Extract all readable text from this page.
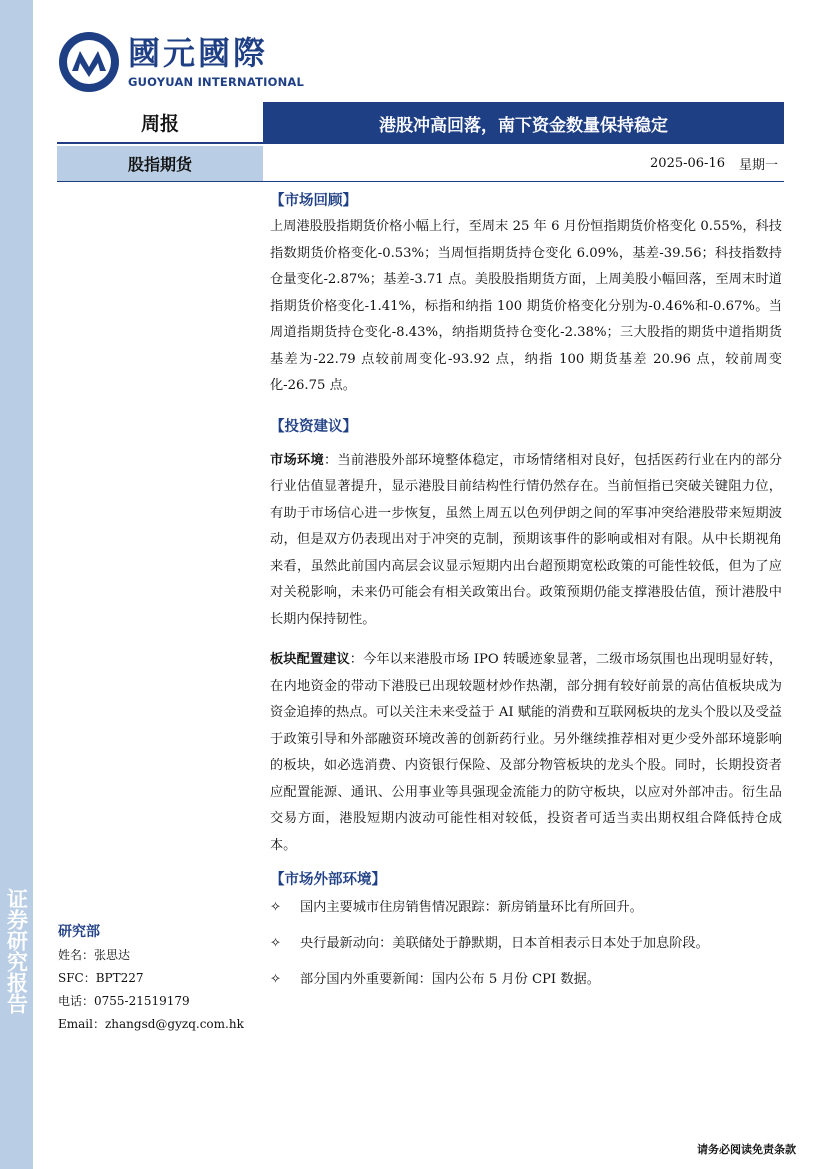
证券研究报告
國元國際
GUOYUAN INTERNATIONAL
周报	港股冲高回落，南下资金数量保持稳定
股指期货	2025-06-16 星期一
【市场回顾】
上周港股股指期货价格小幅上行，至周末 25 年 6 月份恒指期货价格变化 0.55%，科技指数期货价格变化-0.53%；当周恒指期货持仓变化 6.09%，基差-39.56；科技指数持仓量变化-2.87%；基差-3.71 点。美股股指期货方面，上周美股小幅回落，至周末时道指期货价格变化-1.41%，标指和纳指 100 期货价格变化分别为-0.46%和-0.67%。当周道指期货持仓变化-8.43%，纳指期货持仓变化-2.38%；三大股指的期货中道指期货基差为-22.79 点较前周变化-93.92 点，纳指 100 期货基差 20.96 点，较前周变化-26.75 点。
【投资建议】
市场环境：当前港股外部环境整体稳定，市场情绪相对良好，包括医药行业在内的部分行业估值显著提升，显示港股目前结构性行情仍然存在。当前恒指已突破关键阻力位，有助于市场信心进一步恢复，虽然上周五以色列伊朗之间的军事冲突给港股带来短期波动，但是双方仍表现出对于冲突的克制，预期该事件的影响或相对有限。从中长期视角来看，虽然此前国内高层会议显示短期内出台超预期宽松政策的可能性较低，但为了应对关税影响，未来仍可能会有相关政策出台。政策预期仍能支撑港股估值，预计港股中长期内保持韧性。
板块配置建议：今年以来港股市场 IPO 转暖迹象显著，二级市场氛围也出现明显好转，在内地资金的带动下港股已出现较题材炒作热潮，部分拥有较好前景的高估值板块成为资金追捧的热点。可以关注未来受益于 AI 赋能的消费和互联网板块的龙头个股以及受益于政策引导和外部融资环境改善的创新药行业。另外继续推荐相对更少受外部环境影响的板块，如必选消费、内资银行保险、及部分物管板块的龙头个股。同时，长期投资者应配置能源、通讯、公用事业等具强现金流能力的防守板块，以应对外部冲击。衍生品交易方面，港股短期内波动可能性相对较低，投资者可适当卖出期权组合降低持仓成本。
【市场外部环境】
✧	国内主要城市住房销售情况跟踪：新房销量环比有所回升。
✧	央行最新动向：美联储处于静默期，日本首相表示日本处于加息阶段。
✧	部分国内外重要新闻：国内公布 5 月份 CPI 数据。
研究部
姓名：张思达
SFC：BPT227
电话：0755-21519179
Email：zhangsd@gyzq.com.hk
请务必阅读免责条款
